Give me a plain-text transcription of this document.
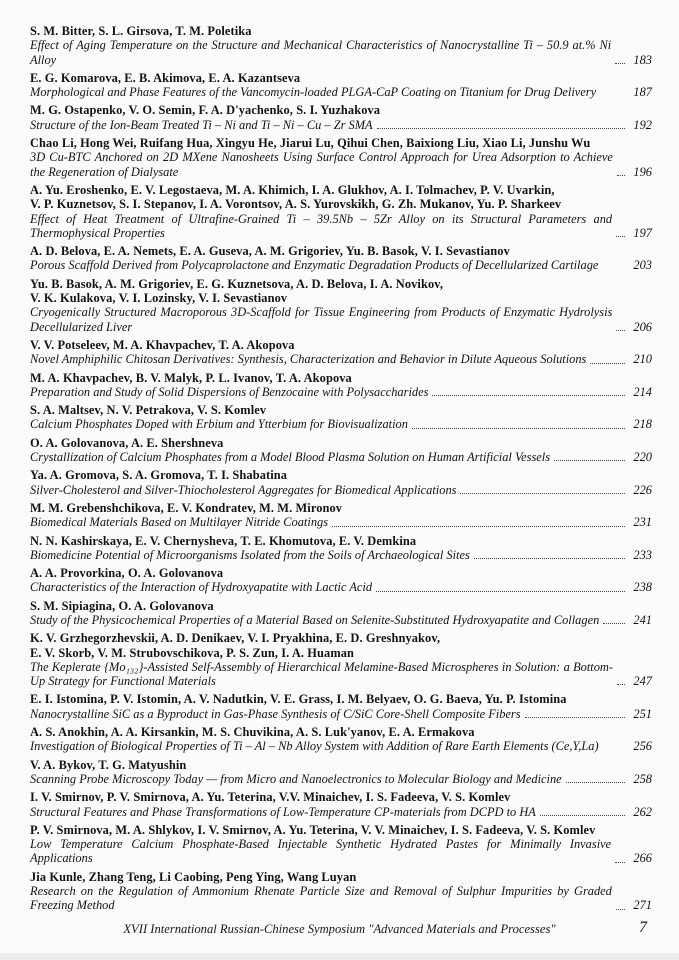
S. M. Bitter, S. L. Girsova, T. M. Poletika
Effect of Aging Temperature on the Structure and Mechanical Characteristics of Nanocrystalline Ti – 50.9 at.% Ni Alloy	183
E. G. Komarova, E. B. Akimova, E. A. Kazantseva
Morphological and Phase Features of the Vancomycin-loaded PLGA-CaP Coating on Titanium for Drug Delivery	187
M. G. Ostapenko, V. O. Semin, F. A. D'yachenko, S. I. Yuzhakova
Structure of the Ion-Beam Treated Ti – Ni and Ti – Ni – Cu – Zr SMA	192
Chao Li, Hong Wei, Ruifang Hua, Xingyu He, Jiarui Lu, Qihui Chen, Baixiong Liu, Xiao Li, Junshu Wu
3D Cu-BTC Anchored on 2D MXene Nanosheets Using Surface Control Approach for Urea Adsorption to Achieve the Regeneration of Dialysate	196
A. Yu. Eroshenko, E. V. Legostaeva, M. A. Khimich, I. A. Glukhov, A. I. Tolmachev, P. V. Uvarkin,
V. P. Kuznetsov, S. I. Stepanov, I. A. Vorontsov, A. S. Yurovskikh, G. Zh. Mukanov, Yu. P. Sharkeev
Effect of Heat Treatment of Ultrafine-Grained Ti – 39.5Nb – 5Zr Alloy on its Structural Parameters and Thermophysical Properties	197
A. D. Belova, E. A. Nemets, E. A. Guseva, A. M. Grigoriev, Yu. B. Basok, V. I. Sevastianov
Porous Scaffold Derived from Polycaprolactone and Enzymatic Degradation Products of Decellularized Cartilage	203
Yu. B. Basok, A. M. Grigoriev, E. G. Kuznetsova, A. D. Belova, I. A. Novikov,
V. K. Kulakova, V. I. Lozinsky, V. I. Sevastianov
Cryogenically Structured Macroporous 3D-Scaffold for Tissue Engineering from Products of Enzymatic Hydrolysis Decellularized Liver	206
V. V. Potseleev, M. A. Khavpachev, T. A. Akopova
Novel Amphiphilic Chitosan Derivatives: Synthesis, Characterization and Behavior in Dilute Aqueous Solutions	210
M. A. Khavpachev, B. V. Malyk, P. L. Ivanov, T. A. Akopova
Preparation and Study of Solid Dispersions of Benzocaine with Polysaccharides	214
S. A. Maltsev, N. V. Petrakova, V. S. Komlev
Calcium Phosphates Doped with Erbium and Ytterbium for Biovisualization	218
O. A. Golovanova, A. E. Shershneva
Crystallization of Calcium Phosphates from a Model Blood Plasma Solution on Human Artificial Vessels	220
Ya. A. Gromova, S. A. Gromova, T. I. Shabatina
Silver-Cholesterol and Silver-Thiocholesterol Aggregates for Biomedical Applications	226
M. M. Grebenshchikova, E. V. Kondratev, M. M. Mironov
Biomedical Materials Based on Multilayer Nitride Coatings	231
N. N. Kashirskaya, E. V. Chernysheva, T. E. Khomutova, E. V. Demkina
Biomedicine Potential of Microorganisms Isolated from the Soils of Archaeological Sites	233
A. A. Provorkina, O. A. Golovanova
Characteristics of the Interaction of Hydroxyapatite with Lactic Acid	238
S. M. Sipiagina, O. A. Golovanova
Study of the Physicochemical Properties of a Material Based on Selenite-Substituted Hydroxyapatite and Collagen	241
K. V. Grzhegorzhevskii, A. D. Denikaev, V. I. Pryakhina, E. D. Greshnyakov,
E. V. Skorb, V. M. Strubovschikova, P. S. Zun, I. A. Huaman
The Keplerate {Mo₁₃₂}-Assisted Self-Assembly of Hierarchical Melamine-Based Microspheres in Solution: a Bottom-Up Strategy for Functional Materials	247
E. I. Istomina, P. V. Istomin, A. V. Nadutkin, V. E. Grass, I. M. Belyaev, O. G. Baeva, Yu. P. Istomina
Nanocrystalline SiC as a Byproduct in Gas-Phase Synthesis of C/SiC Core-Shell Composite Fibers	251
A. S. Anokhin, A. A. Kirsankin, M. S. Chuvikina, A. S. Luk'yanov, E. A. Ermakova
Investigation of Biological Properties of Ti – Al – Nb Alloy System with Addition of Rare Earth Elements (Ce,Y,La)	256
V. A. Bykov, T. G. Matyushin
Scanning Probe Microscopy Today — from Micro and Nanoelectronics to Molecular Biology and Medicine	258
I. V. Smirnov, P. V. Smirnova, A. Yu. Teterina, V.V. Minaichev, I. S. Fadeeva, V. S. Komlev
Structural Features and Phase Transformations of Low-Temperature CP-materials from DCPD to HA	262
P. V. Smirnova, M. A. Shlykov, I. V. Smirnov, A. Yu. Teterina, V. V. Minaichev, I. S. Fadeeva, V. S. Komlev
Low Temperature Calcium Phosphate-Based Injectable Synthetic Hydrated Pastes for Minimally Invasive Applications	266
Jia Kunle, Zhang Teng, Li Caobing, Peng Ying, Wang Luyan
Research on the Regulation of Ammonium Rhenate Particle Size and Removal of Sulphur Impurities by Graded Freezing Method	271
XVII International Russian-Chinese Symposium "Advanced Materials and Processes"	7
